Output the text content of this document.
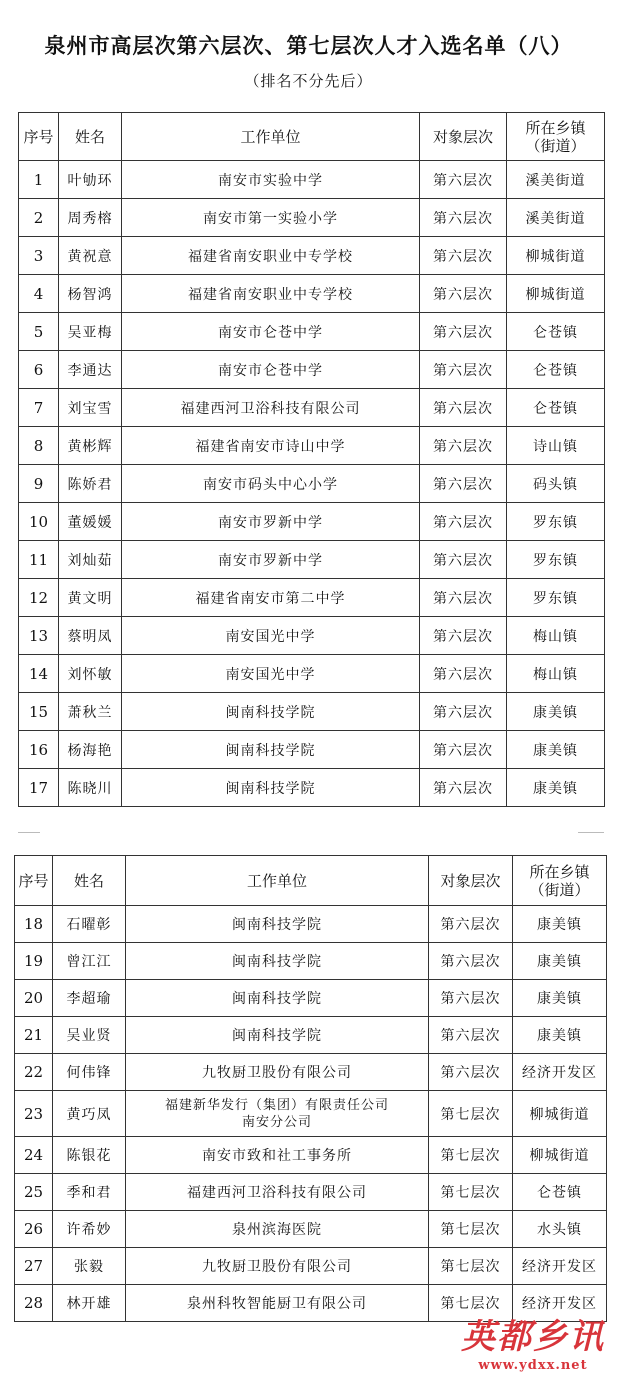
泉州市高层次第六层次、第七层次人才入选名单（八）
（排名不分先后）
序号	姓名	工作单位	对象层次	所在乡镇
（街道）
1	叶劬环	南安市实验中学	第六层次	溪美街道
2	周秀榕	南安市第一实验小学	第六层次	溪美街道
3	黄祝意	福建省南安职业中专学校	第六层次	柳城街道
4	杨智鸿	福建省南安职业中专学校	第六层次	柳城街道
5	吴亚梅	南安市仑苍中学	第六层次	仑苍镇
6	李通达	南安市仑苍中学	第六层次	仑苍镇
7	刘宝雪	福建西河卫浴科技有限公司	第六层次	仑苍镇
8	黄彬辉	福建省南安市诗山中学	第六层次	诗山镇
9	陈娇君	南安市码头中心小学	第六层次	码头镇
10	董媛媛	南安市罗新中学	第六层次	罗东镇
11	刘灿茹	南安市罗新中学	第六层次	罗东镇
12	黄文明	福建省南安市第二中学	第六层次	罗东镇
13	蔡明凤	南安国光中学	第六层次	梅山镇
14	刘怀敏	南安国光中学	第六层次	梅山镇
15	萧秋兰	闽南科技学院	第六层次	康美镇
16	杨海艳	闽南科技学院	第六层次	康美镇
17	陈晓川	闽南科技学院	第六层次	康美镇
序号	姓名	工作单位	对象层次	所在乡镇
（街道）
18	石曜彰	闽南科技学院	第六层次	康美镇
19	曾江江	闽南科技学院	第六层次	康美镇
20	李超瑜	闽南科技学院	第六层次	康美镇
21	吴业贤	闽南科技学院	第六层次	康美镇
22	何伟锋	九牧厨卫股份有限公司	第六层次	经济开发区
23	黄巧凤	福建新华发行（集团）有限责任公司
南安分公司	第七层次	柳城街道
24	陈银花	南安市致和社工事务所	第七层次	柳城街道
25	季和君	福建西河卫浴科技有限公司	第七层次	仑苍镇
26	许希妙	泉州滨海医院	第七层次	水头镇
27	张毅	九牧厨卫股份有限公司	第七层次	经济开发区
28	林开雄	泉州科牧智能厨卫有限公司	第七层次	经济开发区
英都乡讯
www.ydxx.net
